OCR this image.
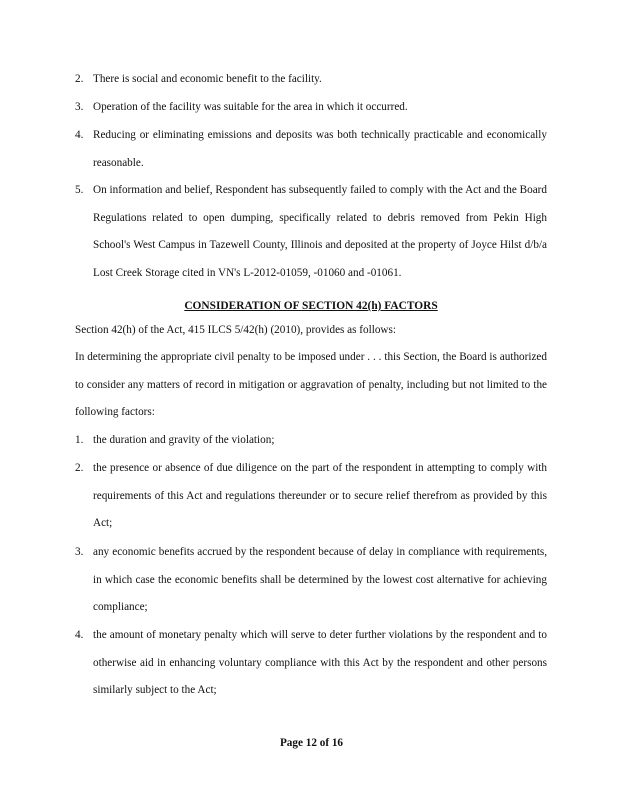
2. There is social and economic benefit to the facility.
3. Operation of the facility was suitable for the area in which it occurred.
4. Reducing or eliminating emissions and deposits was both technically practicable and economically reasonable.
5. On information and belief, Respondent has subsequently failed to comply with the Act and the Board Regulations related to open dumping, specifically related to debris removed from Pekin High School's West Campus in Tazewell County, Illinois and deposited at the property of Joyce Hilst d/b/a Lost Creek Storage cited in VN's L-2012-01059, -01060 and -01061.
CONSIDERATION OF SECTION 42(h) FACTORS
Section 42(h) of the Act, 415 ILCS 5/42(h) (2010), provides as follows:
In determining the appropriate civil penalty to be imposed under . . . this Section, the Board is authorized to consider any matters of record in mitigation or aggravation of penalty, including but not limited to the following factors:
1. the duration and gravity of the violation;
2. the presence or absence of due diligence on the part of the respondent in attempting to comply with requirements of this Act and regulations thereunder or to secure relief therefrom as provided by this Act;
3. any economic benefits accrued by the respondent because of delay in compliance with requirements, in which case the economic benefits shall be determined by the lowest cost alternative for achieving compliance;
4. the amount of monetary penalty which will serve to deter further violations by the respondent and to otherwise aid in enhancing voluntary compliance with this Act by the respondent and other persons similarly subject to the Act;
Page 12 of 16
